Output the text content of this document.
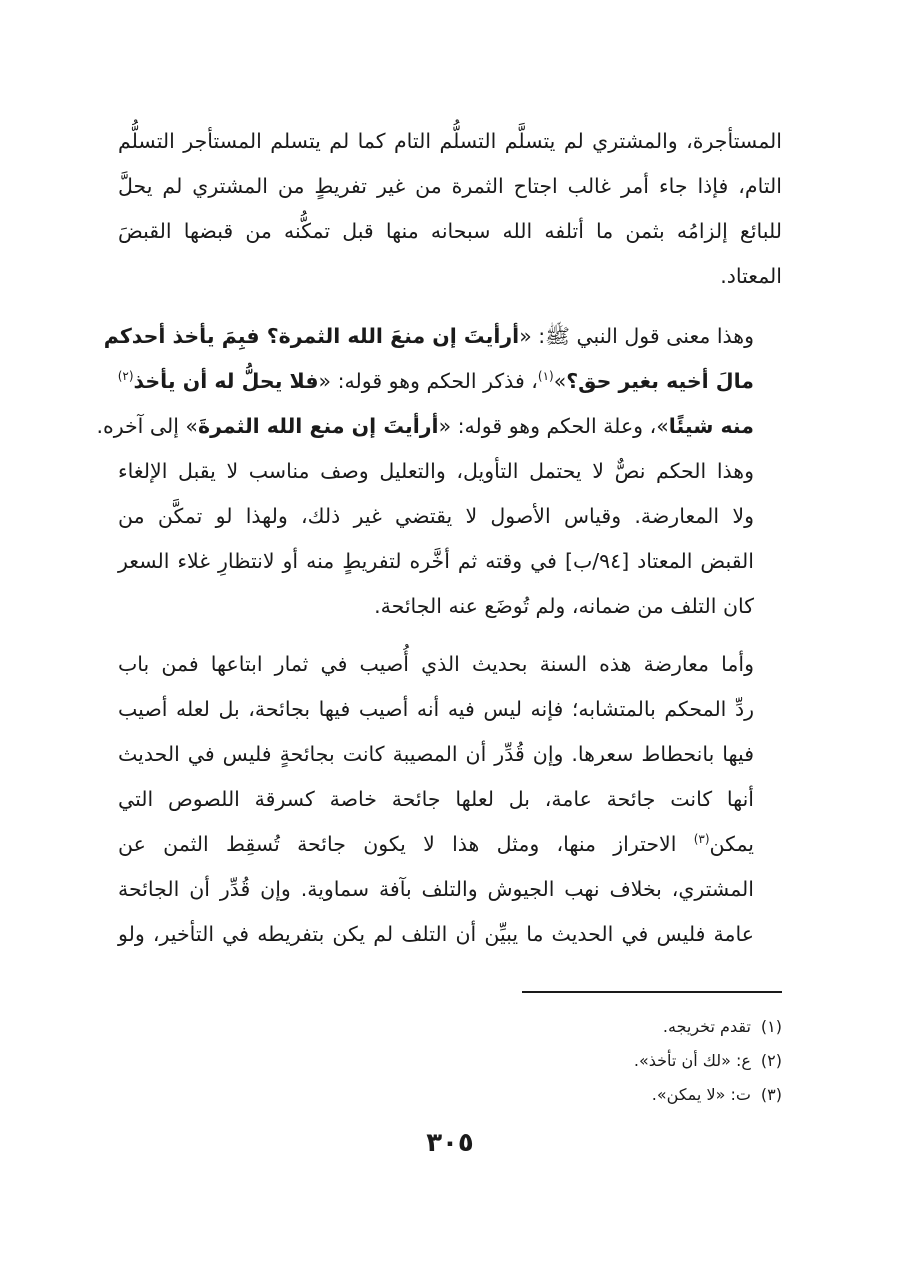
المستأجرة، والمشتري لم يتسلَّم التسلُّم التام كما لم يتسلم المستأجر التسلُّم
التام، فإذا جاء أمر غالب اجتاح الثمرة من غير تفريطٍ من المشتري لم يحلَّ
للبائع إلزامُه بثمن ما أتلفه الله سبحانه منها قبل تمكُّنه من قبضها القبضَ
المعتاد.
وهذا معنى قول النبي ﷺ: «أرأيتَ إن منعَ الله الثمرة؟ فبِمَ يأخذ أحدكم
مالَ أخيه بغير حق؟»$^{(١)}$، فذكر الحكم وهو قوله: «فلا يحلُّ له أن يأخذ$^{(٢)}$
منه شيئًا»، وعلة الحكم وهو قوله: «أرأيتَ إن منع الله الثمرةَ» إلى آخره.
وهذا الحكم نصٌّ لا يحتمل التأويل، والتعليل وصف مناسب لا يقبل الإلغاء
ولا المعارضة. وقياس الأصول لا يقتضي غير ذلك، ولهذا لو تمكَّن من
القبض المعتاد [٩٤/ب] في وقته ثم أخَّره لتفريطٍ منه أو لانتظارِ غلاء السعر
كان التلف من ضمانه، ولم تُوضَع عنه الجائحة.
وأما معارضة هذه السنة بحديث الذي أُصيب في ثمار ابتاعها فمن باب
ردِّ المحكم بالمتشابه؛ فإنه ليس فيه أنه أصيب فيها بجائحة، بل لعله أصيب
فيها بانحطاط سعرها. وإن قُدِّر أن المصيبة كانت بجائحةٍ فليس في الحديث
أنها كانت جائحة عامة، بل لعلها جائحة خاصة كسرقة اللصوص التي
يمكن$^{(٣)}$ الاحتراز منها، ومثل هذا لا يكون جائحة تُسقِط الثمن عن
المشتري، بخلاف نهب الجيوش والتلف بآفة سماوية. وإن قُدِّر أن الجائحة
عامة فليس في الحديث ما يبيِّن أن التلف لم يكن بتفريطه في التأخير، ولو
(١)تقدم تخريجه.
(٢)ع: «لك أن تأخذ».
(٣)ت: «لا يمكن».
٣٠٥
